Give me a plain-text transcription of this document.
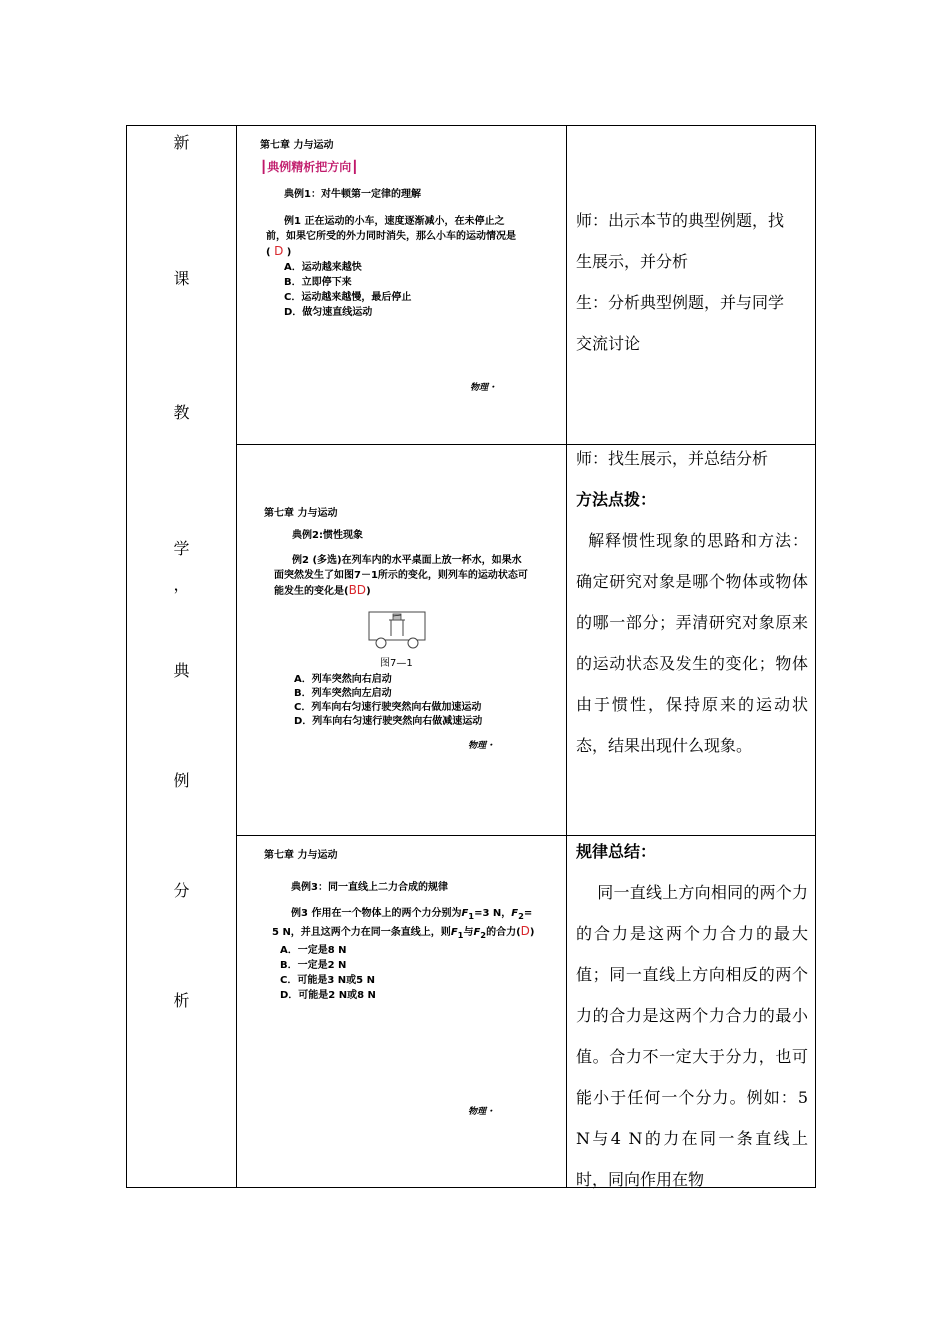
新
课
教
学
，
典
例
分
析
第七章 力与运动
┃典例精析把方向┃
典例1：对牛顿第一定律的理解
例1 正在运动的小车，速度逐渐减小，在未停止之
前，如果它所受的外力同时消失，那么小车的运动情况是
( D )
A．运动越来越快
B．立即停下来
C．运动越来越慢，最后停止
D．做匀速直线运动
物理・
第七章 力与运动
典例2:惯性现象
例2 (多选)在列车内的水平桌面上放一杯水，如果水
面突然发生了如图7－1所示的变化，则列车的运动状态可
能发生的变化是(BD)
图7—1
A．列车突然向右启动
B．列车突然向左启动
C．列车向右匀速行驶突然向右做加速运动
D．列车向右匀速行驶突然向右做减速运动
物理・
第七章 力与运动
典例3：同一直线上二力合成的规律
例3 作用在一个物体上的两个力分别为$F_1=3$ N，$F_2=$
5 N，并且这两个力在同一条直线上，则$F_1$与$F_2$的合力(D)
A．一定是8 N
B．一定是2 N
C．可能是3 N或5 N
D．可能是2 N或8 N
物理・

师：出示本节的典型例题，找

生展示，并分析

生：分析典型例题，并与同学

交流讨论

师：找生展示，并总结分析

方法点拨：

解释惯性现象的思路和方法：确定研究对象是哪个物体或物体的哪一部分；弄清研究对象原来的运动状态及发生的变化；物体由于惯性，保持原来的运动状态，结果出现什么现象。

规律总结：

同一直线上方向相同的两个力的合力是这两个力合力的最大值；同一直线上方向相反的两个力的合力是这两个力合力的最小值。合力不一定大于分力，也可能小于任何一个分力。例如：5 N与4 N的力在同一条直线上时，同向作用在物
